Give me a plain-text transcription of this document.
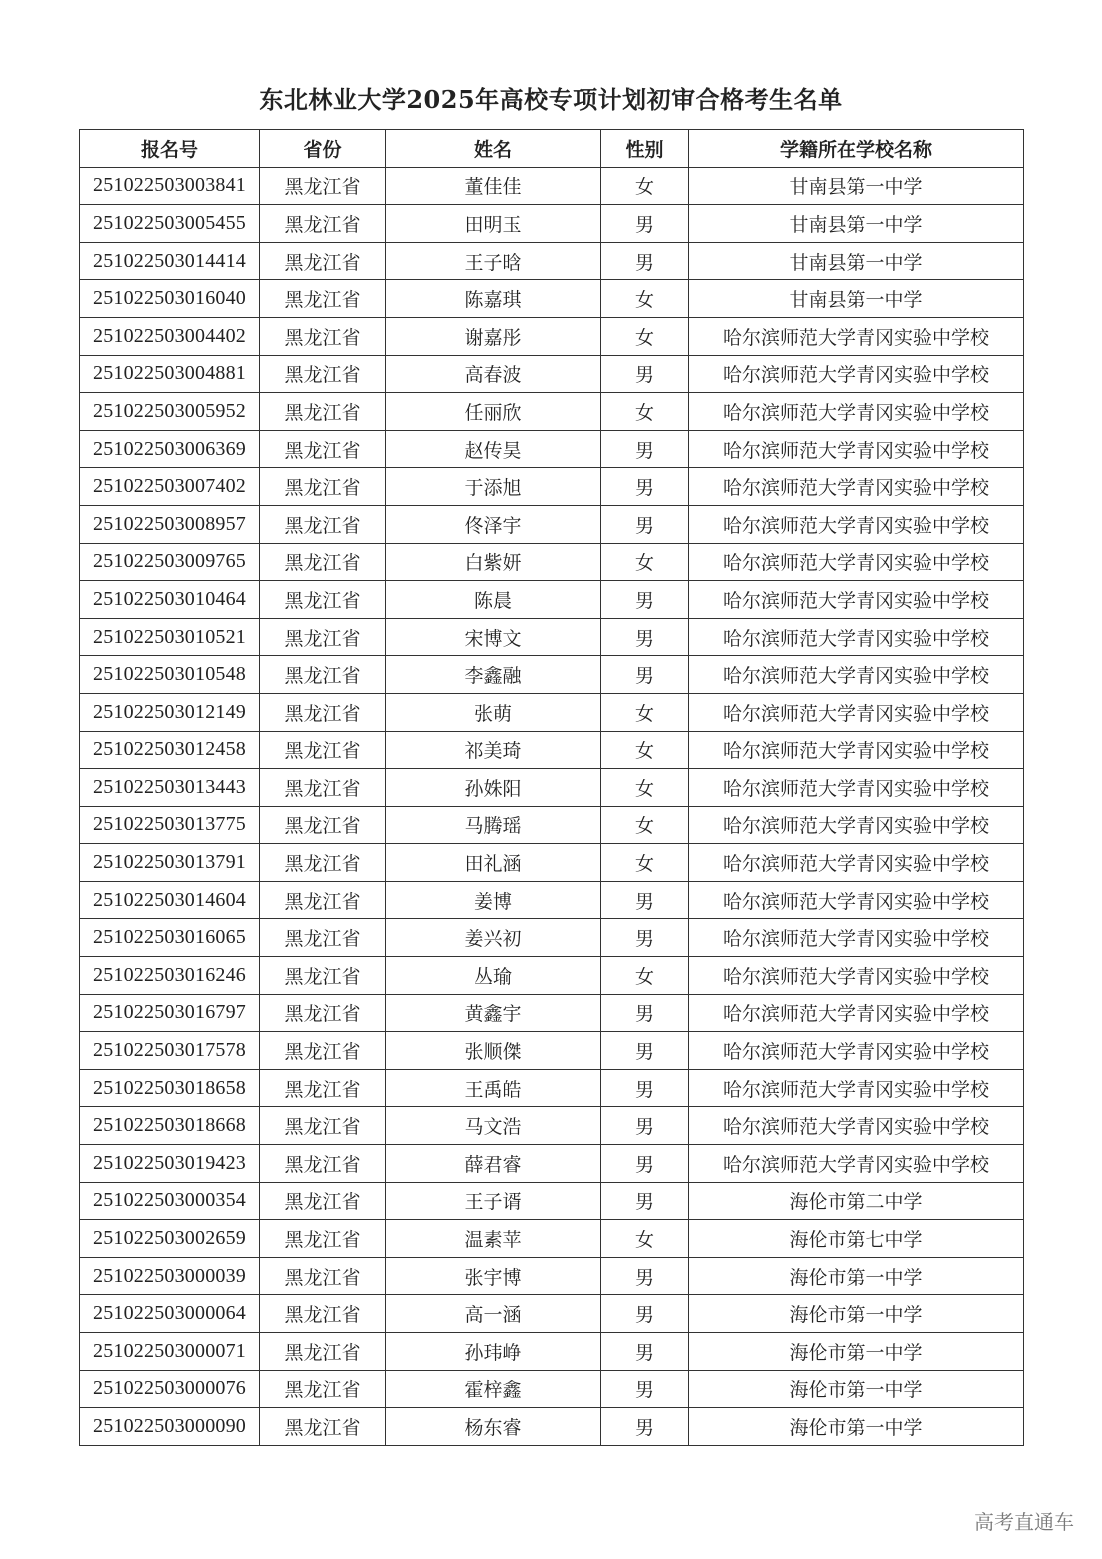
东北林业大学2025年高校专项计划初审合格考生名单
报名号	省份	姓名	性别	学籍所在学校名称
251022503003841	黑龙江省	董佳佳	女	甘南县第一中学
251022503005455	黑龙江省	田明玉	男	甘南县第一中学
251022503014414	黑龙江省	王子晗	男	甘南县第一中学
251022503016040	黑龙江省	陈嘉琪	女	甘南县第一中学
251022503004402	黑龙江省	谢嘉彤	女	哈尔滨师范大学青冈实验中学校
251022503004881	黑龙江省	高春波	男	哈尔滨师范大学青冈实验中学校
251022503005952	黑龙江省	任丽欣	女	哈尔滨师范大学青冈实验中学校
251022503006369	黑龙江省	赵传昊	男	哈尔滨师范大学青冈实验中学校
251022503007402	黑龙江省	于添旭	男	哈尔滨师范大学青冈实验中学校
251022503008957	黑龙江省	佟泽宇	男	哈尔滨师范大学青冈实验中学校
251022503009765	黑龙江省	白紫妍	女	哈尔滨师范大学青冈实验中学校
251022503010464	黑龙江省	陈晨	男	哈尔滨师范大学青冈实验中学校
251022503010521	黑龙江省	宋博文	男	哈尔滨师范大学青冈实验中学校
251022503010548	黑龙江省	李鑫融	男	哈尔滨师范大学青冈实验中学校
251022503012149	黑龙江省	张萌	女	哈尔滨师范大学青冈实验中学校
251022503012458	黑龙江省	祁美琦	女	哈尔滨师范大学青冈实验中学校
251022503013443	黑龙江省	孙姝阳	女	哈尔滨师范大学青冈实验中学校
251022503013775	黑龙江省	马腾瑶	女	哈尔滨师范大学青冈实验中学校
251022503013791	黑龙江省	田礼涵	女	哈尔滨师范大学青冈实验中学校
251022503014604	黑龙江省	姜博	男	哈尔滨师范大学青冈实验中学校
251022503016065	黑龙江省	姜兴初	男	哈尔滨师范大学青冈实验中学校
251022503016246	黑龙江省	丛瑜	女	哈尔滨师范大学青冈实验中学校
251022503016797	黑龙江省	黄鑫宇	男	哈尔滨师范大学青冈实验中学校
251022503017578	黑龙江省	张顺傑	男	哈尔滨师范大学青冈实验中学校
251022503018658	黑龙江省	王禹皓	男	哈尔滨师范大学青冈实验中学校
251022503018668	黑龙江省	马文浩	男	哈尔滨师范大学青冈实验中学校
251022503019423	黑龙江省	薛君睿	男	哈尔滨师范大学青冈实验中学校
251022503000354	黑龙江省	王子谞	男	海伦市第二中学
251022503002659	黑龙江省	温素苹	女	海伦市第七中学
251022503000039	黑龙江省	张宇博	男	海伦市第一中学
251022503000064	黑龙江省	高一涵	男	海伦市第一中学
251022503000071	黑龙江省	孙玮峥	男	海伦市第一中学
251022503000076	黑龙江省	霍梓鑫	男	海伦市第一中学
251022503000090	黑龙江省	杨东睿	男	海伦市第一中学
高考直通车
